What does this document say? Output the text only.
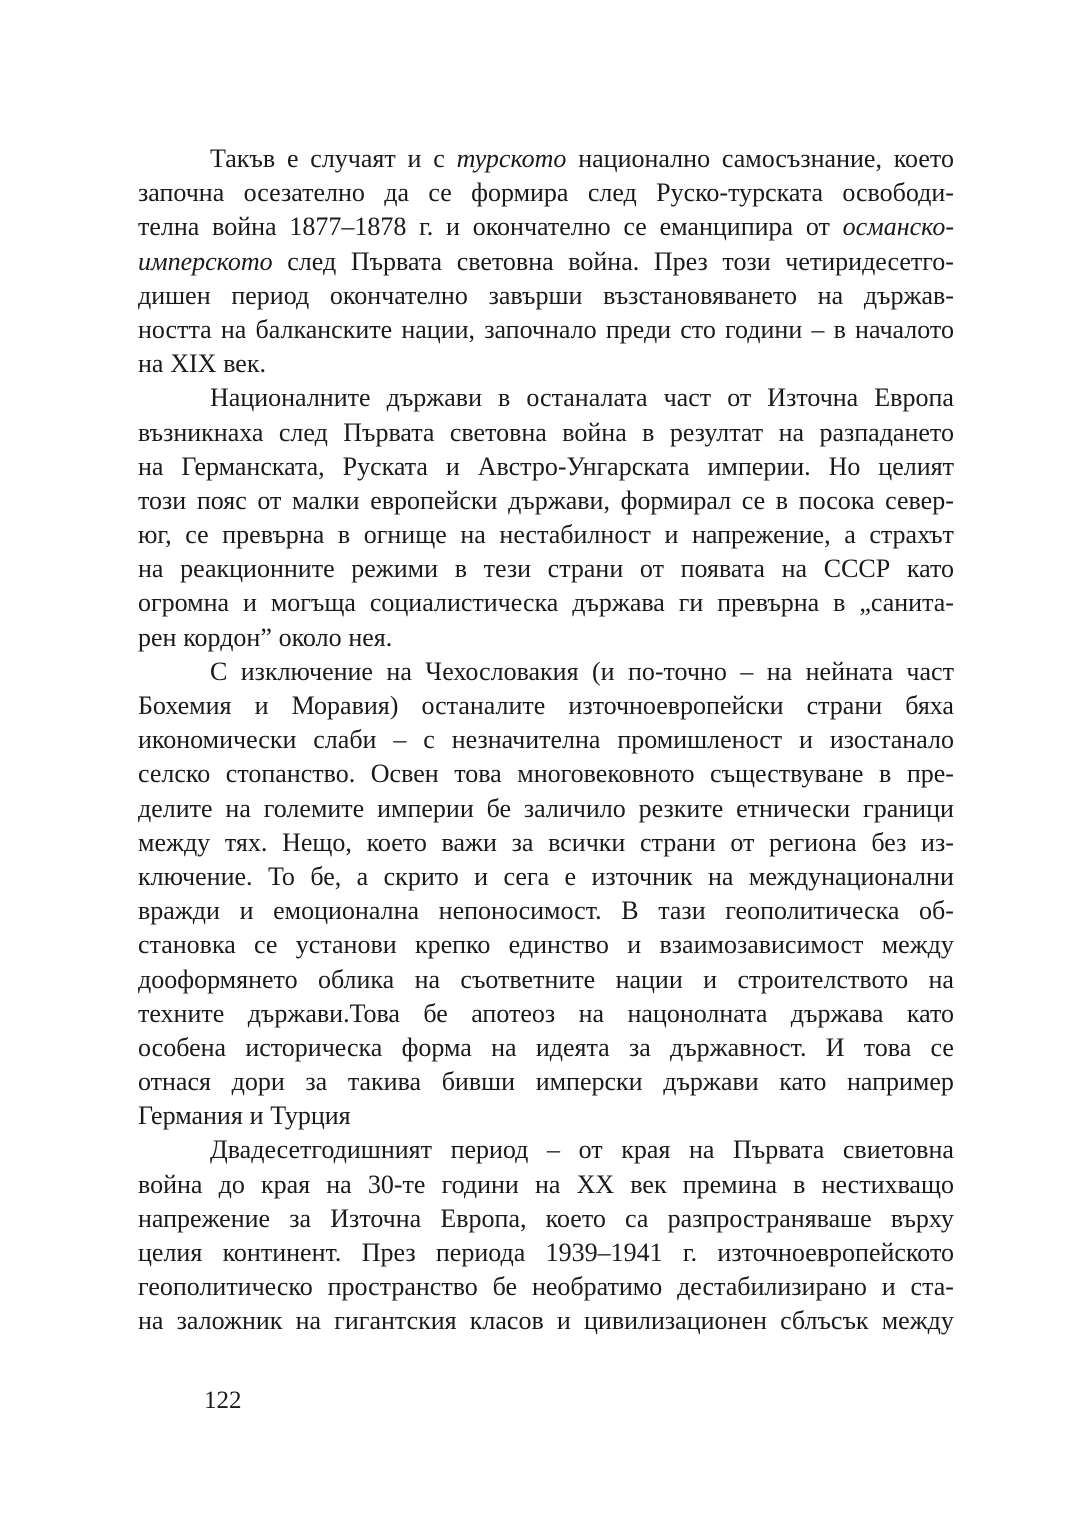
Такъв е случаят и с турското национално самосъзнание, което
започна осезателно да се формира след Руско-турската освободи-
телна война 1877–1878 г. и окончателно се еманципира от османско-
имперското след Първата световна война. През този четиридесетго-
дишен период окончателно завърши възстановяването на държав-
ността на балканските нации, започнало преди сто години – в началото
на XIX век.
Националните държави в останалата част от Източна Европа
възникнаха след Първата световна война в резултат на разпадането
на Германската, Руската и Австро-Унгарската империи. Но целият
този пояс от малки европейски държави, формирал се в посока север-
юг, се превърна в огнище на нестабилност и напрежение, а страхът
на реакционните режими в тези страни от появата на СССР като
огромна и могъща социалистическа държава ги превърна в „санита-
рен кордон” около нея.
С изключение на Чехословакия (и по-точно – на нейната част
Бохемия и Моравия) останалите източноевропейски страни бяха
икономически слаби – с незначителна промишленост и изостанало
селско стопанство. Освен това многовековното съществуване в пре-
делите на големите империи бе заличило резките етнически граници
между тях. Нещо, което важи за всички страни от региона без из-
ключение. То бе, а скрито и сега е източник на междунационални
вражди и емоционална непоносимост. В тази геополитическа об-
становка се установи крепко единство и взаимозависимост между
дооформянето облика на съответните нации и строителството на
техните държави.Това бе апотеоз на нацонолната държава като
особена историческа форма на идеята за държавност. И това се
отнася дори за такива бивши имперски държави като например
Германия и Турция
Двадесетгодишният период – от края на Първата свиетовна
война до края на 30-те години на ХХ век премина в нестихващо
напрежение за Източна Европа, което са разпространяваше върху
целия континент. През периода 1939–1941 г. източноевропейското
геополитическо пространство бе необратимо дестабилизирано и ста-
на заложник на гигантския класов и цивилизационен сблъсък между
122
